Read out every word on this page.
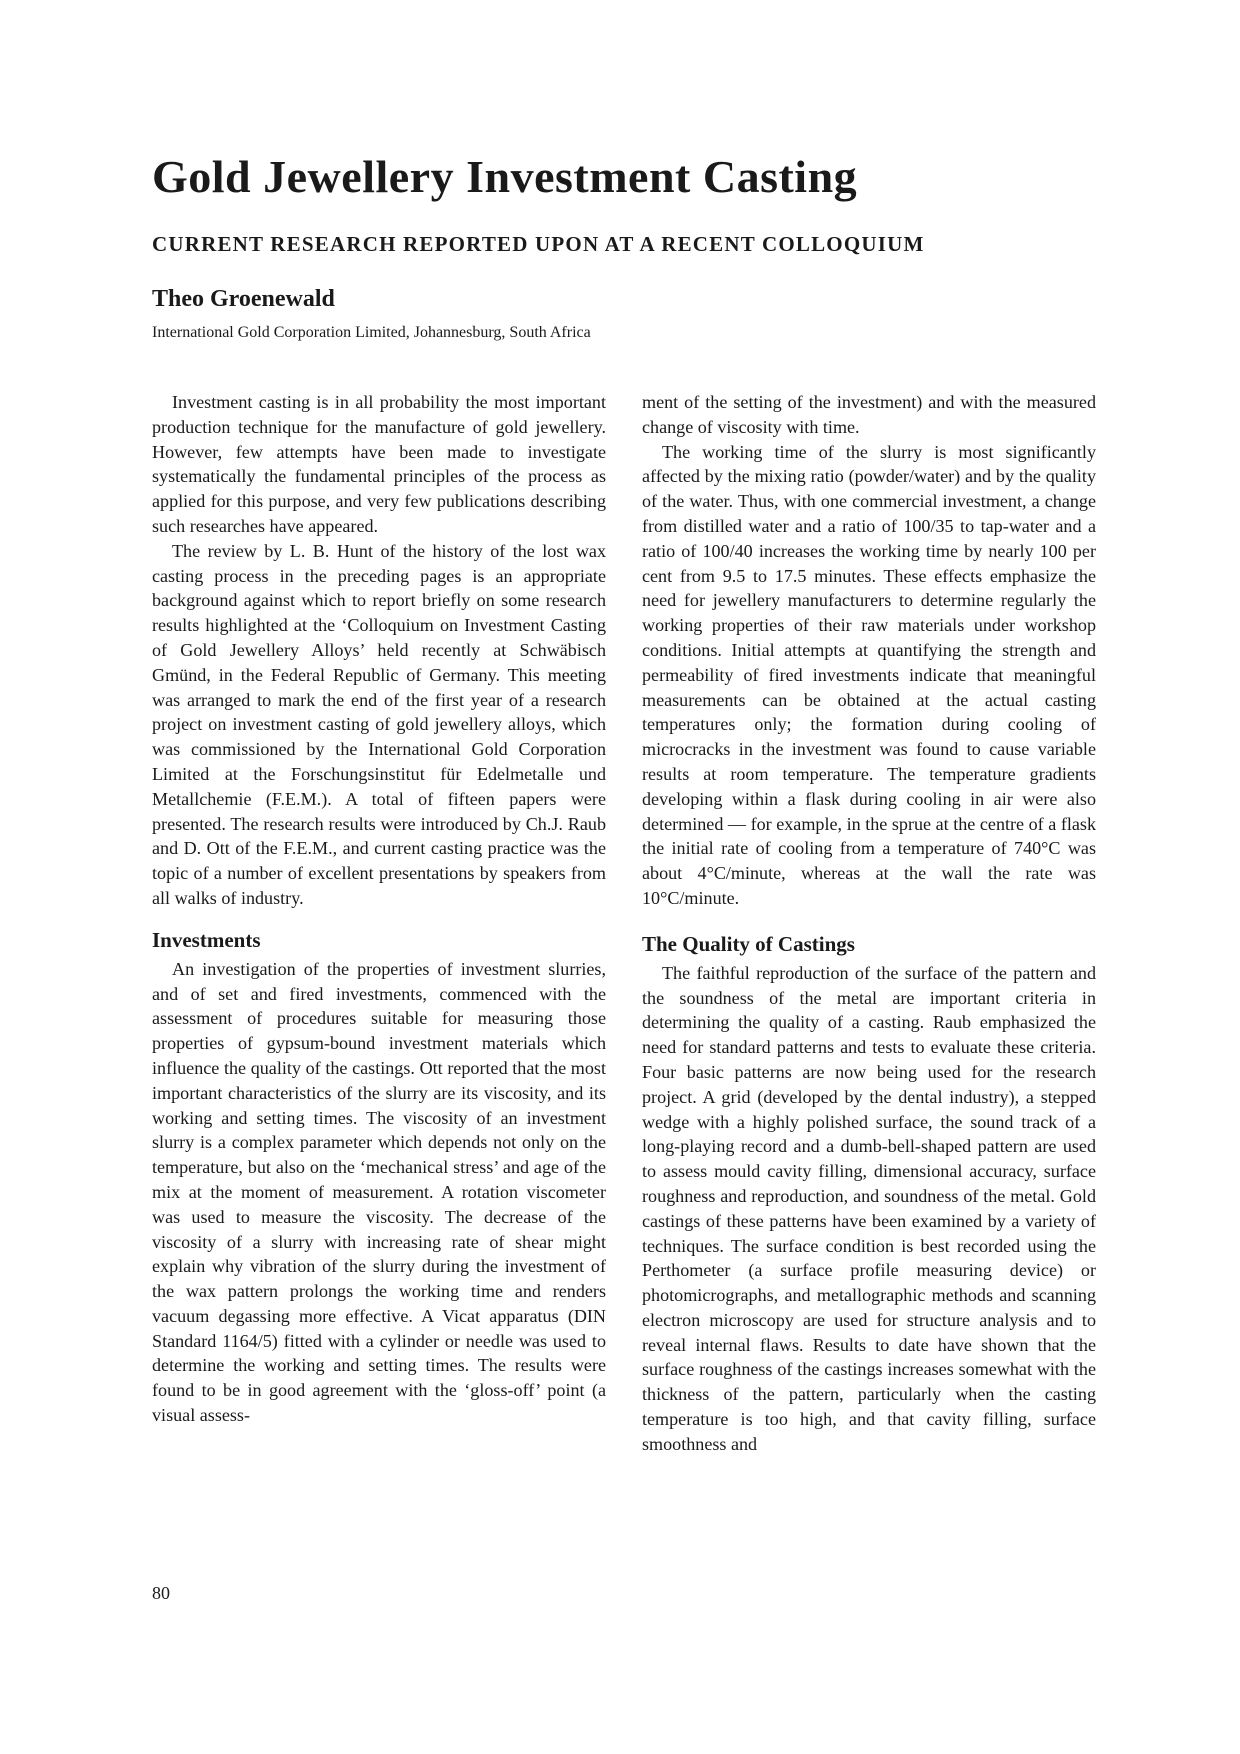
Gold Jewellery Investment Casting
CURRENT RESEARCH REPORTED UPON AT A RECENT COLLOQUIUM
Theo Groenewald
International Gold Corporation Limited, Johannesburg, South Africa

Investment casting is in all probability the most important production technique for the manufacture of gold jewellery. However, few attempts have been made to investigate systematically the fundamental principles of the process as applied for this purpose, and very few publications describing such researches have appeared.

The review by L. B. Hunt of the history of the lost wax casting process in the preceding pages is an appropriate background against which to report briefly on some research results highlighted at the ‘Colloquium on Investment Casting of Gold Jewellery Alloys’ held recently at Schwäbisch Gmünd, in the Federal Republic of Germany. This meeting was arranged to mark the end of the first year of a research project on investment casting of gold jewellery alloys, which was commissioned by the International Gold Corporation Limited at the Forschungsinstitut für Edelmetalle und Metallchemie (F.E.M.). A total of fifteen papers were presented. The research results were introduced by Ch.J. Raub and D. Ott of the F.E.M., and current casting practice was the topic of a number of excellent presentations by speakers from all walks of industry.

Investments

An investigation of the properties of investment slurries, and of set and fired investments, commenced with the assessment of procedures suitable for measuring those properties of gypsum-bound investment materials which influence the quality of the castings. Ott reported that the most important characteristics of the slurry are its viscosity, and its working and setting times. The viscosity of an investment slurry is a complex parameter which depends not only on the temperature, but also on the ‘mechanical stress’ and age of the mix at the moment of measurement. A rotation viscometer was used to measure the viscosity. The decrease of the viscosity of a slurry with increasing rate of shear might explain why vibration of the slurry during the investment of the wax pattern prolongs the working time and renders vacuum degassing more effective. A Vicat apparatus (DIN Standard 1164/5) fitted with a cylinder or needle was used to determine the working and setting times. The results were found to be in good agreement with the ‘gloss-off’ point (a visual assess-

ment of the setting of the investment) and with the measured change of viscosity with time.

The working time of the slurry is most significantly affected by the mixing ratio (powder/water) and by the quality of the water. Thus, with one commercial investment, a change from distilled water and a ratio of 100/35 to tap-water and a ratio of 100/40 increases the working time by nearly 100 per cent from 9.5 to 17.5 minutes. These effects emphasize the need for jewellery manufacturers to determine regularly the working properties of their raw materials under workshop conditions. Initial attempts at quantifying the strength and permeability of fired investments indicate that meaningful measurements can be obtained at the actual casting temperatures only; the formation during cooling of microcracks in the investment was found to cause variable results at room temperature. The temperature gradients developing within a flask during cooling in air were also determined — for example, in the sprue at the centre of a flask the initial rate of cooling from a temperature of 740°C was about 4°C/minute, whereas at the wall the rate was 10°C/minute.

The Quality of Castings

The faithful reproduction of the surface of the pattern and the soundness of the metal are important criteria in determining the quality of a casting. Raub emphasized the need for standard patterns and tests to evaluate these criteria. Four basic patterns are now being used for the research project. A grid (developed by the dental industry), a stepped wedge with a highly polished surface, the sound track of a long-playing record and a dumb-bell-shaped pattern are used to assess mould cavity filling, dimensional accuracy, surface roughness and reproduction, and soundness of the metal. Gold castings of these patterns have been examined by a variety of techniques. The surface condition is best recorded using the Perthometer (a surface profile measuring device) or photomicrographs, and metallographic methods and scanning electron microscopy are used for structure analysis and to reveal internal flaws. Results to date have shown that the surface roughness of the castings increases somewhat with the thickness of the pattern, particularly when the casting temperature is too high, and that cavity filling, surface smoothness and

80
